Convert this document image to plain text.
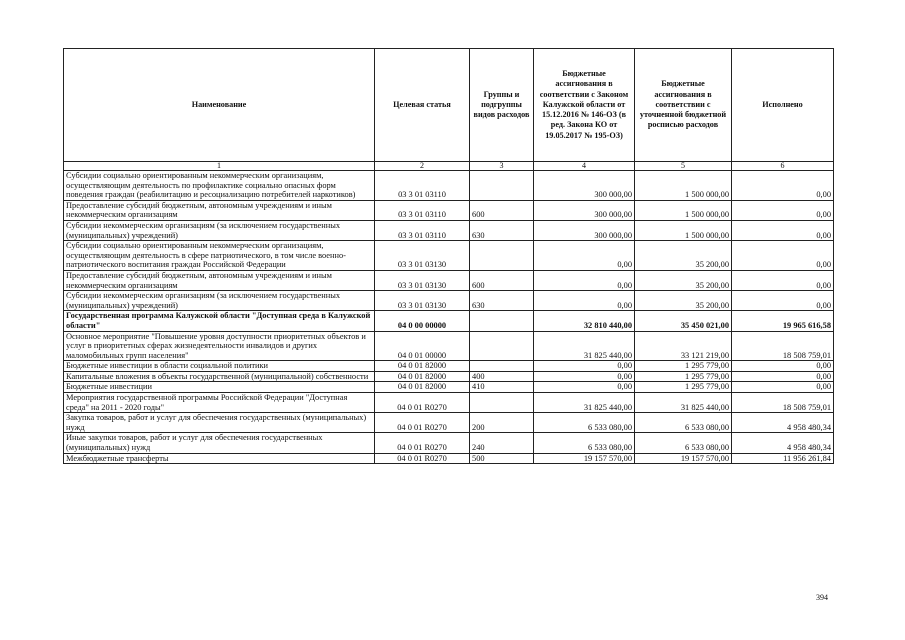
Наименование	Целевая статья	Группы и подгруппы видов расходов	Бюджетные ассигнования в соответствии с Законом Калужской области от 15.12.2016 № 146-ОЗ (в ред. Закона КО от 19.05.2017 № 195-ОЗ)	Бюджетные ассигнования в соответствии с уточненной бюджетной росписью расходов	Исполнено
1	2	3	4	5	6
Субсидии социально ориентированным некоммерческим организациям, осуществляющим деятельность по профилактике социально опасных форм поведения граждан (реабилитацию и ресоциализацию потребителей наркотиков)	03 3 01 03110		300 000,00	1 500 000,00	0,00
Предоставление субсидий бюджетным, автономным учреждениям и иным некоммерческим организациям	03 3 01 03110	600	300 000,00	1 500 000,00	0,00
Субсидии некоммерческим организациям (за исключением государственных (муниципальных) учреждений)	03 3 01 03110	630	300 000,00	1 500 000,00	0,00
Субсидии социально ориентированным некоммерческим организациям, осуществляющим деятельность в сфере патриотического, в том числе военно-патриотического воспитания граждан Российской Федерации	03 3 01 03130		0,00	35 200,00	0,00
Предоставление субсидий бюджетным, автономным учреждениям и иным некоммерческим организациям	03 3 01 03130	600	0,00	35 200,00	0,00
Субсидии некоммерческим организациям (за исключением государственных (муниципальных) учреждений)	03 3 01 03130	630	0,00	35 200,00	0,00
Государственная программа Калужской области "Доступная среда в Калужской области"	04 0 00 00000		32 810 440,00	35 450 021,00	19 965 616,58
Основное мероприятие "Повышение уровня доступности приоритетных объектов и услуг в приоритетных сферах жизнедеятельности инвалидов и других маломобильных групп населения"	04 0 01 00000		31 825 440,00	33 121 219,00	18 508 759,01
Бюджетные инвестиции в области социальной политики	04 0 01 82000		0,00	1 295 779,00	0,00
Капитальные вложения в объекты государственной (муниципальной) собственности	04 0 01 82000	400	0,00	1 295 779,00	0,00
Бюджетные инвестиции	04 0 01 82000	410	0,00	1 295 779,00	0,00
Мероприятия государственной программы Российской Федерации "Доступная среда" на 2011 - 2020 годы"	04 0 01 R0270		31 825 440,00	31 825 440,00	18 508 759,01
Закупка товаров, работ и услуг для обеспечения государственных (муниципальных) нужд	04 0 01 R0270	200	6 533 080,00	6 533 080,00	4 958 480,34
Иные закупки товаров, работ и услуг для обеспечения государственных (муниципальных) нужд	04 0 01 R0270	240	6 533 080,00	6 533 080,00	4 958 480,34
Межбюджетные трансферты	04 0 01 R0270	500	19 157 570,00	19 157 570,00	11 956 261,84
394
